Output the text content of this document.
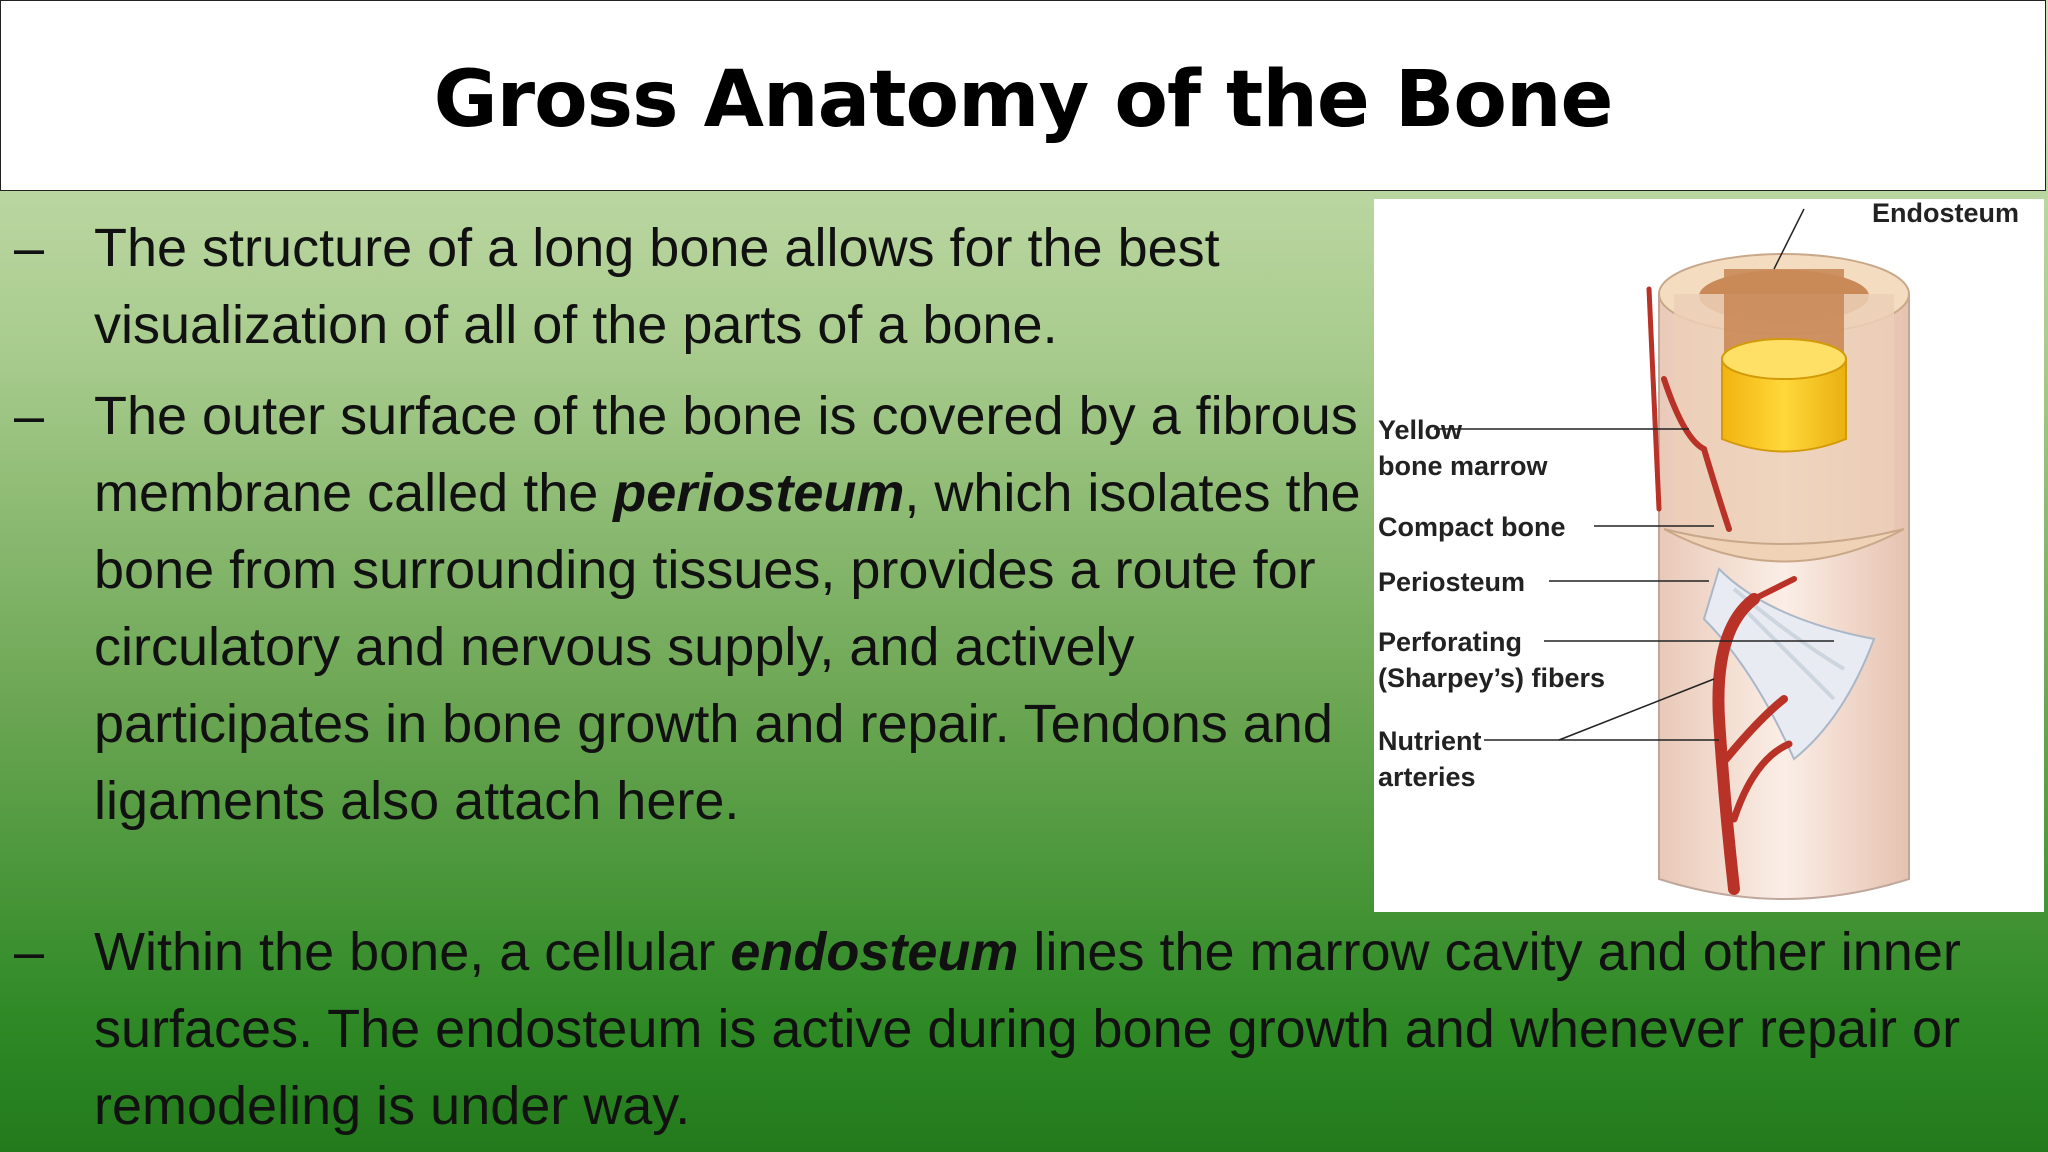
Gross Anatomy of the Bone
– The structure of a long bone allows for the best visualization of all of the parts of a bone.
– The outer surface of the bone is covered by a fibrous membrane called the periosteum, which isolates the bone from surrounding tissues, provides a route for circulatory and nervous supply, and actively participates in bone growth and repair. Tendons and ligaments also attach here.
– Within the bone, a cellular endosteum lines the marrow cavity and other inner surfaces. The endosteum is active during bone growth and whenever repair or remodeling is under way.
Endosteum
Yellow
bone marrow
Compact bone
Periosteum
Perforating
(Sharpey’s) fibers
Nutrient
arteries
